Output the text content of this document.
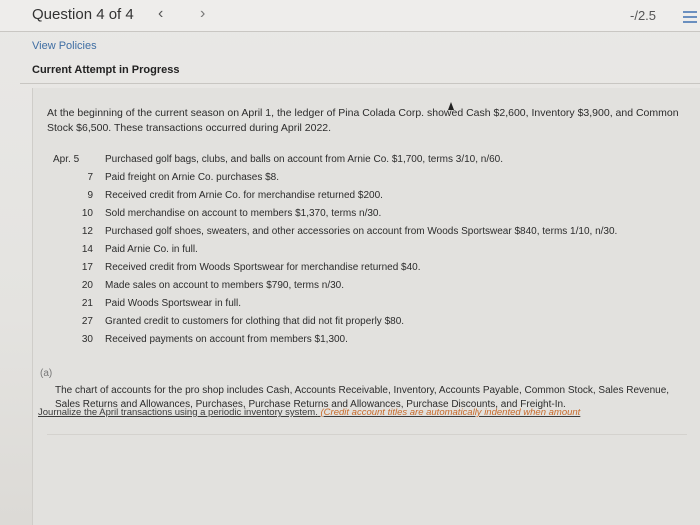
Question 4 of 4 ‹ ›	-/2.5
View Policies
Current Attempt in Progress

At the beginning of the current season on April 1, the ledger of Pina Colada Corp. showed Cash $2,600, Inventory $3,900, and Common Stock $6,500. These transactions occurred during April 2022.

Apr. 5	Purchased golf bags, clubs, and balls on account from Arnie Co. $1,700, terms 3/10, n/60.
7 Paid freight on Arnie Co. purchases $8.
9 Received credit from Arnie Co. for merchandise returned $200.
10 Sold merchandise on account to members $1,370, terms n/30.
12 Purchased golf shoes, sweaters, and other accessories on account from Woods Sportswear $840, terms 1/10, n/30.
14 Paid Arnie Co. in full.
17 Received credit from Woods Sportswear for merchandise returned $40.
20 Made sales on account to members $790, terms n/30.
21 Paid Woods Sportswear in full.
27 Granted credit to customers for clothing that did not fit properly $80.
30 Received payments on account from members $1,300.

The chart of accounts for the pro shop includes Cash, Accounts Receivable, Inventory, Accounts Payable, Common Stock, Sales Revenue, Sales Returns and Allowances, Purchases, Purchase Returns and Allowances, Purchase Discounts, and Freight-In.

(a)
Journalize the April transactions using a periodic inventory system. (Credit account titles are automatically indented when amount
